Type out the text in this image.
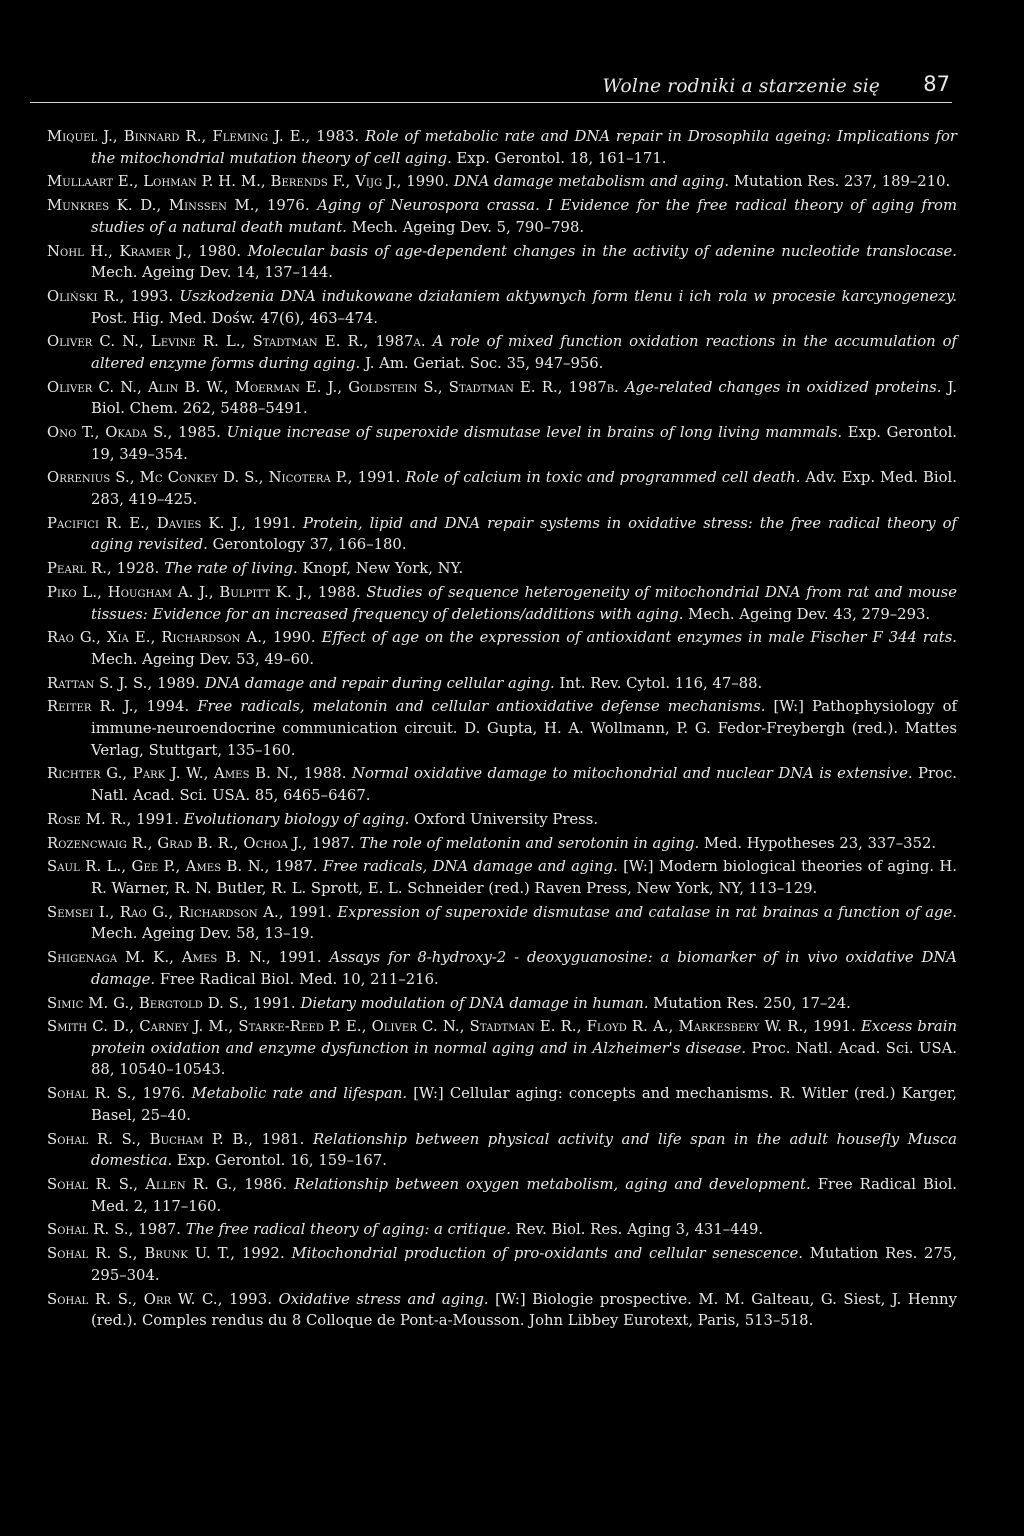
Wolne rodniki a starzenie się 87

Miquel J., Binnard R., Fleming J. E., 1983. Role of metabolic rate and DNA repair in Drosophila ageing: Implications for the mitochondrial mutation theory of cell aging. Exp. Gerontol. 18, 161–171.

Mullaart E., Lohman P. H. M., Berends F., Vijg J., 1990. DNA damage metabolism and aging. Mutation Res. 237, 189–210.

Munkres K. D., Minssen M., 1976. Aging of Neurospora crassa. I Evidence for the free radical theory of aging from studies of a natural death mutant. Mech. Ageing Dev. 5, 790–798.

Nohl H., Kramer J., 1980. Molecular basis of age-dependent changes in the activity of adenine nucleotide translocase. Mech. Ageing Dev. 14, 137–144.

Oliński R., 1993. Uszkodzenia DNA indukowane działaniem aktywnych form tlenu i ich rola w procesie karcynogenezy. Post. Hig. Med. Dośw. 47(6), 463–474.

Oliver C. N., Levine R. L., Stadtman E. R., 1987a. A role of mixed function oxidation reactions in the accumulation of altered enzyme forms during aging. J. Am. Geriat. Soc. 35, 947–956.

Oliver C. N., Alin B. W., Moerman E. J., Goldstein S., Stadtman E. R., 1987b. Age-related changes in oxidized proteins. J. Biol. Chem. 262, 5488–5491.

Ono T., Okada S., 1985. Unique increase of superoxide dismutase level in brains of long living mammals. Exp. Gerontol. 19, 349–354.

Orrenius S., Mc Conkey D. S., Nicotera P., 1991. Role of calcium in toxic and programmed cell death. Adv. Exp. Med. Biol. 283, 419–425.

Pacifici R. E., Davies K. J., 1991. Protein, lipid and DNA repair systems in oxidative stress: the free radical theory of aging revisited. Gerontology 37, 166–180.

Pearl R., 1928. The rate of living. Knopf, New York, NY.

Piko L., Hougham A. J., Bulpitt K. J., 1988. Studies of sequence heterogeneity of mitochondrial DNA from rat and mouse tissues: Evidence for an increased frequency of deletions/additions with aging. Mech. Ageing Dev. 43, 279–293.

Rao G., Xia E., Richardson A., 1990. Effect of age on the expression of antioxidant enzymes in male Fischer F 344 rats. Mech. Ageing Dev. 53, 49–60.

Rattan S. J. S., 1989. DNA damage and repair during cellular aging. Int. Rev. Cytol. 116, 47–88.

Reiter R. J., 1994. Free radicals, melatonin and cellular antioxidative defense mechanisms. [W:] Pathophysiology of immune-neuroendocrine communication circuit. D. Gupta, H. A. Wollmann, P. G. Fedor-Freybergh (red.). Mattes Verlag, Stuttgart, 135–160.

Richter G., Park J. W., Ames B. N., 1988. Normal oxidative damage to mitochondrial and nuclear DNA is extensive. Proc. Natl. Acad. Sci. USA. 85, 6465–6467.

Rose M. R., 1991. Evolutionary biology of aging. Oxford University Press.

Rozencwaig R., Grad B. R., Ochoa J., 1987. The role of melatonin and serotonin in aging. Med. Hypotheses 23, 337–352.

Saul R. L., Gee P., Ames B. N., 1987. Free radicals, DNA damage and aging. [W:] Modern biological theories of aging. H. R. Warner, R. N. Butler, R. L. Sprott, E. L. Schneider (red.) Raven Press, New York, NY, 113–129.

Semsei I., Rao G., Richardson A., 1991. Expression of superoxide dismutase and catalase in rat brainas a function of age. Mech. Ageing Dev. 58, 13–19.

Shigenaga M. K., Ames B. N., 1991. Assays for 8-hydroxy-2 - deoxyguanosine: a biomarker of in vivo oxidative DNA damage. Free Radical Biol. Med. 10, 211–216.

Simic M. G., Bergtold D. S., 1991. Dietary modulation of DNA damage in human. Mutation Res. 250, 17–24.

Smith C. D., Carney J. M., Starke-Reed P. E., Oliver C. N., Stadtman E. R., Floyd R. A., Markesbery W. R., 1991. Excess brain protein oxidation and enzyme dysfunction in normal aging and in Alzheimer's disease. Proc. Natl. Acad. Sci. USA. 88, 10540–10543.

Sohal R. S., 1976. Metabolic rate and lifespan. [W:] Cellular aging: concepts and mechanisms. R. Witler (red.) Karger, Basel, 25–40.

Sohal R. S., Bucham P. B., 1981. Relationship between physical activity and life span in the adult housefly Musca domestica. Exp. Gerontol. 16, 159–167.

Sohal R. S., Allen R. G., 1986. Relationship between oxygen metabolism, aging and development. Free Radical Biol. Med. 2, 117–160.

Sohal R. S., 1987. The free radical theory of aging: a critique. Rev. Biol. Res. Aging 3, 431–449.

Sohal R. S., Brunk U. T., 1992. Mitochondrial production of pro-oxidants and cellular senescence. Mutation Res. 275, 295–304.

Sohal R. S., Orr W. C., 1993. Oxidative stress and aging. [W:] Biologie prospective. M. M. Galteau, G. Siest, J. Henny (red.). Comples rendus du 8 Colloque de Pont-a-Mousson. John Libbey Eurotext, Paris, 513–518.
